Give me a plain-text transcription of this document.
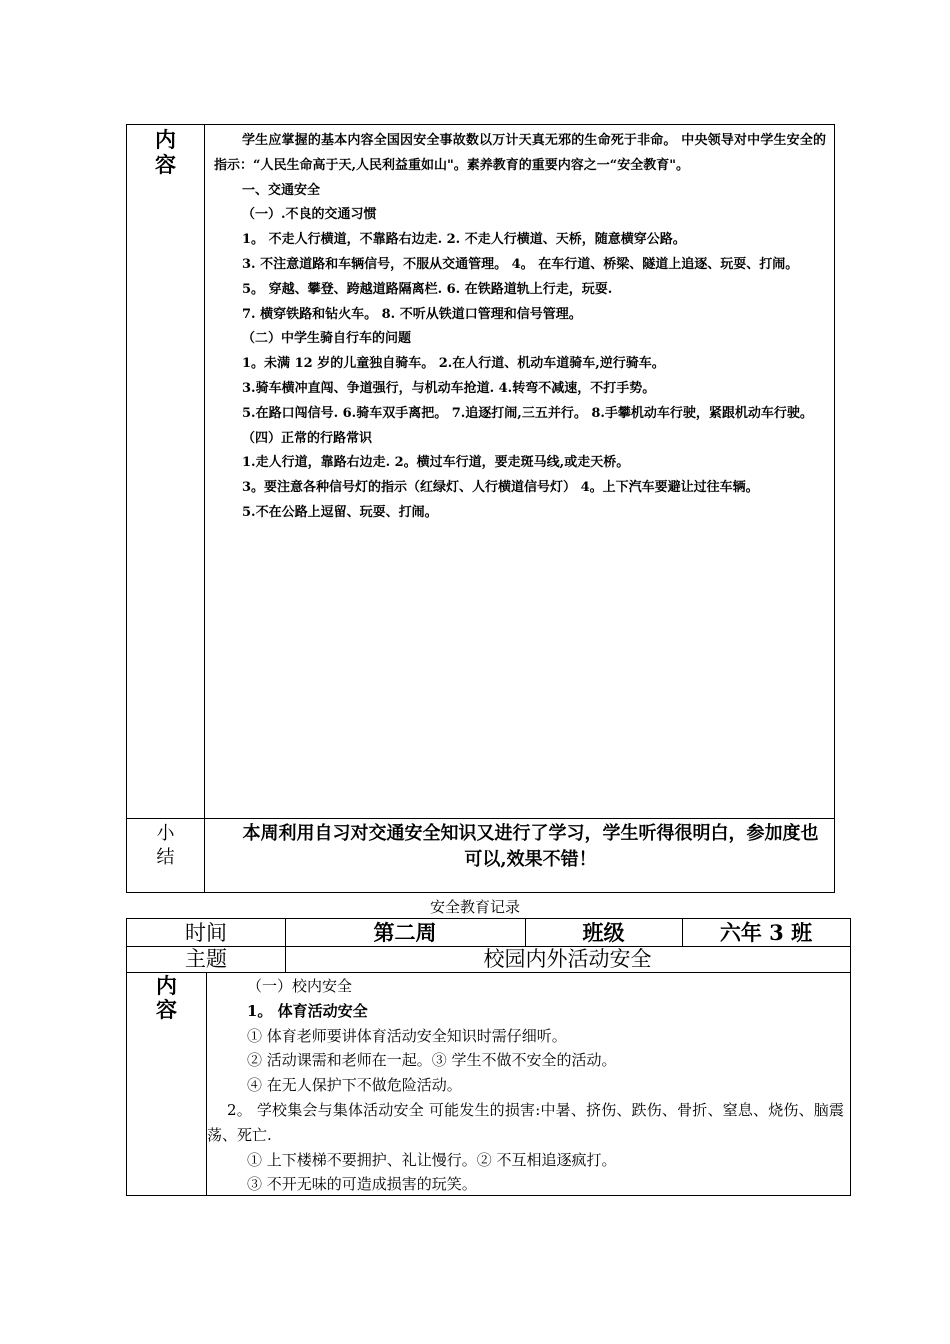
内容

学生应掌握的基本内容全国因安全事故数以万计天真无邪的生命死于非命。 中央领导对中学生安全的指示：“人民生命高于天,人民利益重如山"。素养教育的重要内容之一“安全教育"。

一、交通安全

（一）.不良的交通习惯

1。 不走人行横道，不靠路右边走. 2. 不走人行横道、天桥，随意横穿公路。

3. 不注意道路和车辆信号，不服从交通管理。 4。 在车行道、桥梁、隧道上追逐、玩耍、打闹。

5。 穿越、攀登、跨越道路隔离栏. 6. 在铁路道轨上行走，玩耍.

7. 横穿铁路和钻火车。 8. 不听从铁道口管理和信号管理。

（二）中学生骑自行车的问题

1。未满 12 岁的儿童独自骑车。 2.在人行道、机动车道骑车,逆行骑车。

3.骑车横冲直闯、争道强行，与机动车抢道. 4.转弯不减速，不打手势。

5.在路口闯信号. 6.骑车双手离把。 7.追逐打闹,三五并行。 8.手攀机动车行驶，紧跟机动车行驶。

（四）正常的行路常识

1.走人行道，靠路右边走. 2。横过车行道，要走斑马线,或走天桥。

3。要注意各种信号灯的指示（红绿灯、人行横道信号灯） 4。上下汽车要避让过往车辆。

5.不在公路上逗留、玩耍、打闹。

小结
本周利用自习对交通安全知识又进行了学习，学生听得很明白，参加度也可以,效果不错！
安全教育记录
时间	第二周	班级	六年 3 班
主题	校园内外活动安全
内容

（一）校内安全

1。 体育活动安全

① 体育老师要讲体育活动安全知识时需仔细听。

② 活动课需和老师在一起。③ 学生不做不安全的活动。

④ 在无人保护下不做危险活动。

2。 学校集会与集体活动安全 可能发生的损害:中暑、挤伤、跌伤、骨折、窒息、烧伤、脑震荡、死亡.

① 上下楼梯不要拥护、礼让慢行。② 不互相追逐疯打。

③ 不开无味的可造成损害的玩笑。
